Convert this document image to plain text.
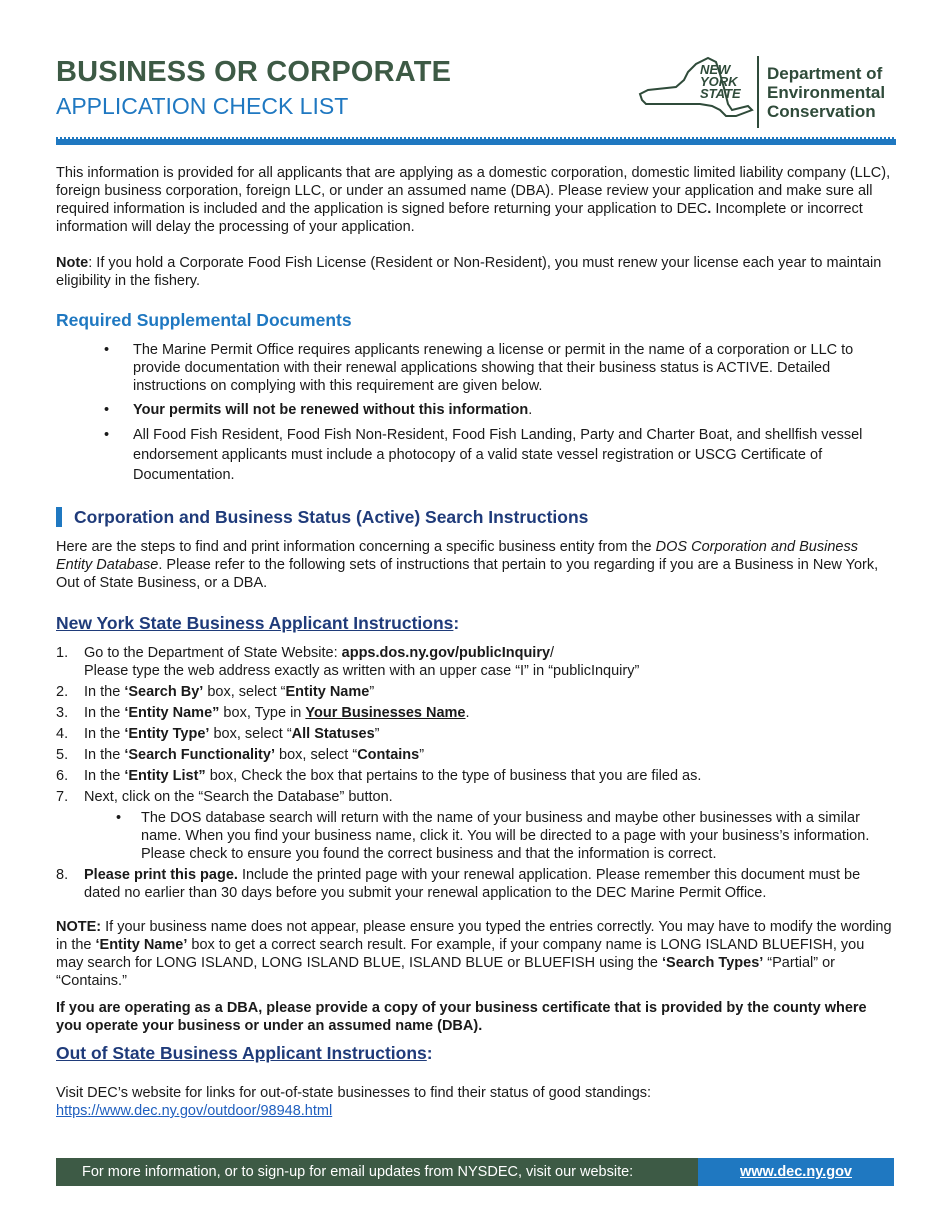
BUSINESS OR CORPORATE
APPLICATION CHECK LIST
NEW
YORK
STATE
Department of
Environmental
Conservation

This information is provided for all applicants that are applying as a domestic corporation, domestic limited liability company (LLC), foreign business corporation, foreign LLC, or under an assumed name (DBA). Please review your application and make sure all required information is included and the application is signed before returning your application to DEC. Incomplete or incorrect information will delay the processing of your application.

Note: If you hold a Corporate Food Fish License (Resident or Non-Resident), you must renew your license each year to maintain eligibility in the fishery.

Required Supplemental Documents
• The Marine Permit Office requires applicants renewing a license or permit in the name of a corporation or LLC to provide documentation with their renewal applications showing that their business status is ACTIVE. Detailed instructions on complying with this requirement are given below.
• Your permits will not be renewed without this information.
• All Food Fish Resident, Food Fish Non-Resident, Food Fish Landing, Party and Charter Boat, and shellfish vessel endorsement applicants must include a photocopy of a valid state vessel registration or USCG Certificate of Documentation.
Corporation and Business Status (Active) Search Instructions

Here are the steps to find and print information concerning a specific business entity from the DOS Corporation and Business Entity Database. Please refer to the following sets of instructions that pertain to you regarding if you are a Business in New York, Out of State Business, or a DBA.

New York State Business Applicant Instructions:
1. Go to the Department of State Website: apps.dos.ny.gov/publicInquiry/
Please type the web address exactly as written with an upper case “I” in “publicInquiry”
2. In the ‘Search By’ box, select “Entity Name”
3. In the ‘Entity Name” box, Type in Your Businesses Name.
4. In the ‘Entity Type’ box, select “All Statuses”
5. In the ‘Search Functionality’ box, select “Contains”
6. In the ‘Entity List” box, Check the box that pertains to the type of business that you are filed as.
7. Next, click on the “Search the Database” button.
• The DOS database search will return with the name of your business and maybe other businesses with a similar name. When you find your business name, click it. You will be directed to a page with your business’s information. Please check to ensure you found the correct business and that the information is correct.
8. Please print this page. Include the printed page with your renewal application. Please remember this document must be dated no earlier than 30 days before you submit your renewal application to the DEC Marine Permit Office.

NOTE: If your business name does not appear, please ensure you typed the entries correctly. You may have to modify the wording in the ‘Entity Name’ box to get a correct search result. For example, if your company name is LONG ISLAND BLUEFISH, you may search for LONG ISLAND, LONG ISLAND BLUE, ISLAND BLUE or BLUEFISH using the ‘Search Types’ “Partial” or “Contains.”

If you are operating as a DBA, please provide a copy of your business certificate that is provided by the county where you operate your business or under an assumed name (DBA).

Out of State Business Applicant Instructions:

Visit DEC’s website for links for out-of-state businesses to find their status of good standings:

https://www.dec.ny.gov/outdoor/98948.html

For more information, or to sign-up for email updates from NYSDEC, visit our website:	www.dec.ny.gov
